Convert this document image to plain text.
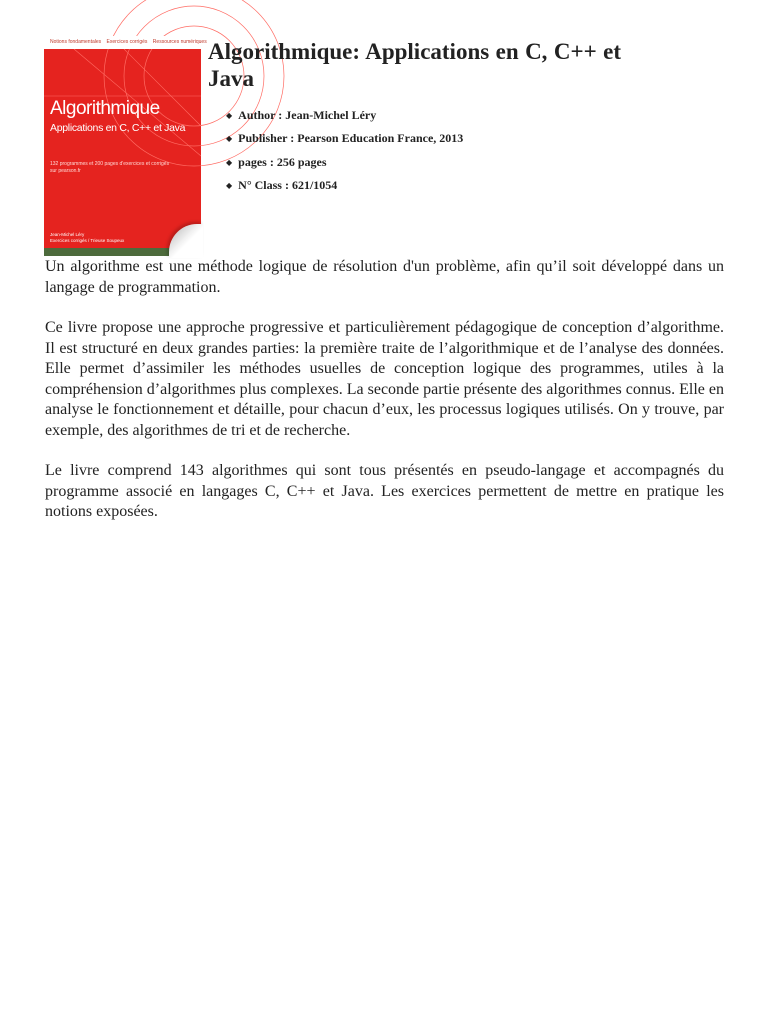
Notions fondamentales Exercices corrigés Ressources numériques
Algorithmique
Applications en C, C++ et Java
132 programmes et 200 pages d'exercices et corrigés sur pearson.fr
Jean-Michel Léry
Exercices corrigés / Trieuse Soupeux
Algorithmique: Applications en C, C++ et Java
◆ Author : Jean-Michel Léry
◆ Publisher : Pearson Education France, 2013
◆ pages : 256 pages
◆ N° Class : 621/1054

Un algorithme est une méthode logique de résolution d'un problème, afin qu’il soit développé dans un langage de programmation.

Ce livre propose une approche progressive et particulièrement pédagogique de conception d’algorithme. Il est structuré en deux grandes parties: la première traite de l’algorithmique et de l’analyse des données. Elle permet d’assimiler les méthodes usuelles de conception logique des programmes, utiles à la compréhension d’algorithmes plus complexes. La seconde partie présente des algorithmes connus. Elle en analyse le fonctionnement et détaille, pour chacun d’eux, les processus logiques utilisés. On y trouve, par exemple, des algorithmes de tri et de recherche.

Le livre comprend 143 algorithmes qui sont tous présentés en pseudo-langage et accompagnés du programme associé en langages C, C++ et Java. Les exercices permettent de mettre en pratique les notions exposées.
